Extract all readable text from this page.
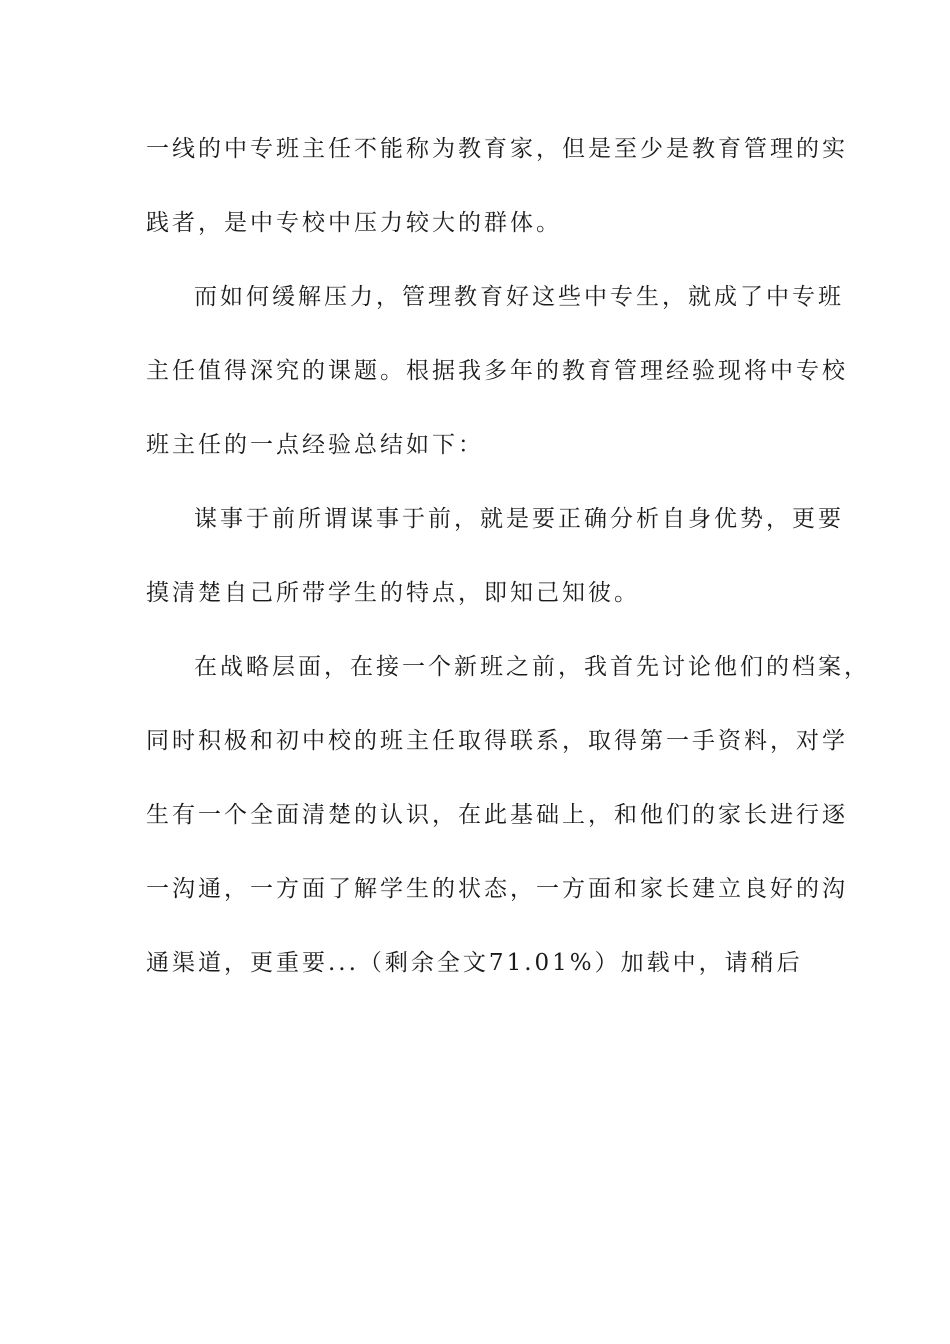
一线的中专班主任不能称为教育家，但是至少是教育管理的实
践者，是中专校中压力较大的群体。
而如何缓解压力，管理教育好这些中专生，就成了中专班
主任值得深究的课题。根据我多年的教育管理经验现将中专校
班主任的一点经验总结如下：
谋事于前所谓谋事于前，就是要正确分析自身优势，更要
摸清楚自己所带学生的特点，即知己知彼。
在战略层面，在接一个新班之前，我首先讨论他们的档案，
同时积极和初中校的班主任取得联系，取得第一手资料，对学
生有一个全面清楚的认识，在此基础上，和他们的家长进行逐
一沟通，一方面了解学生的状态，一方面和家长建立良好的沟
通渠道，更重要...（剩余全文71.01%）加载中，请稍后
